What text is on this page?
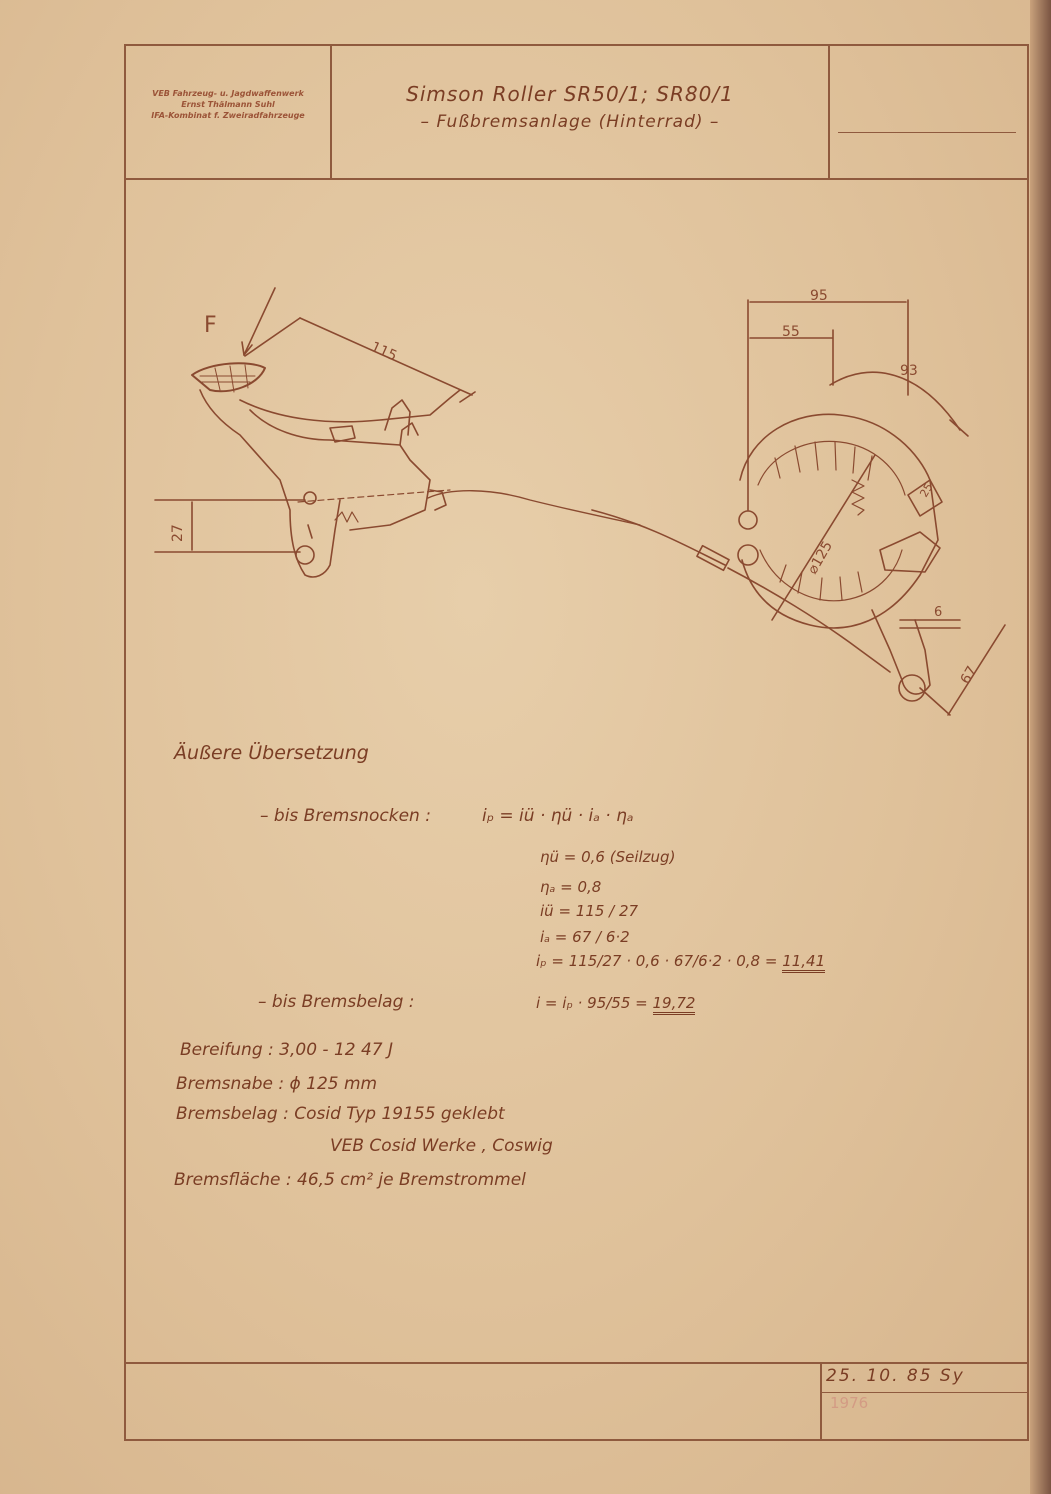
VEB Fahrzeug- u. Jagdwaffenwerk
Ernst Thälmann Suhl
IFA-Kombinat f. Zweiradfahrzeuge
Simson Roller SR50/1; SR80/1
– Fußbremsanlage (Hinterrad) –
F
115
27
95
55
93
25
⌀125
6
67
Äußere Übersetzung
– bis Bremsnocken :	iₚ = iü · ηü · iₐ · ηₐ
ηü = 0,6 (Seilzug)
ηₐ = 0,8
iü = 115 / 27
iₐ = 67 / 6·2
iₚ = 115/27 · 0,6 · 67/6·2 · 0,8 = 11,41
– bis Bremsbelag :	i = iₚ · 95/55 = 19,72
Bereifung : 3,00 - 12 47 J
Bremsnabe : ϕ 125 mm
Bremsbelag : Cosid Typ 19155 geklebt
VEB Cosid Werke , Coswig
Bremsfläche : 46,5 cm² je Bremstrommel
25. 10. 85 Sy
1976
